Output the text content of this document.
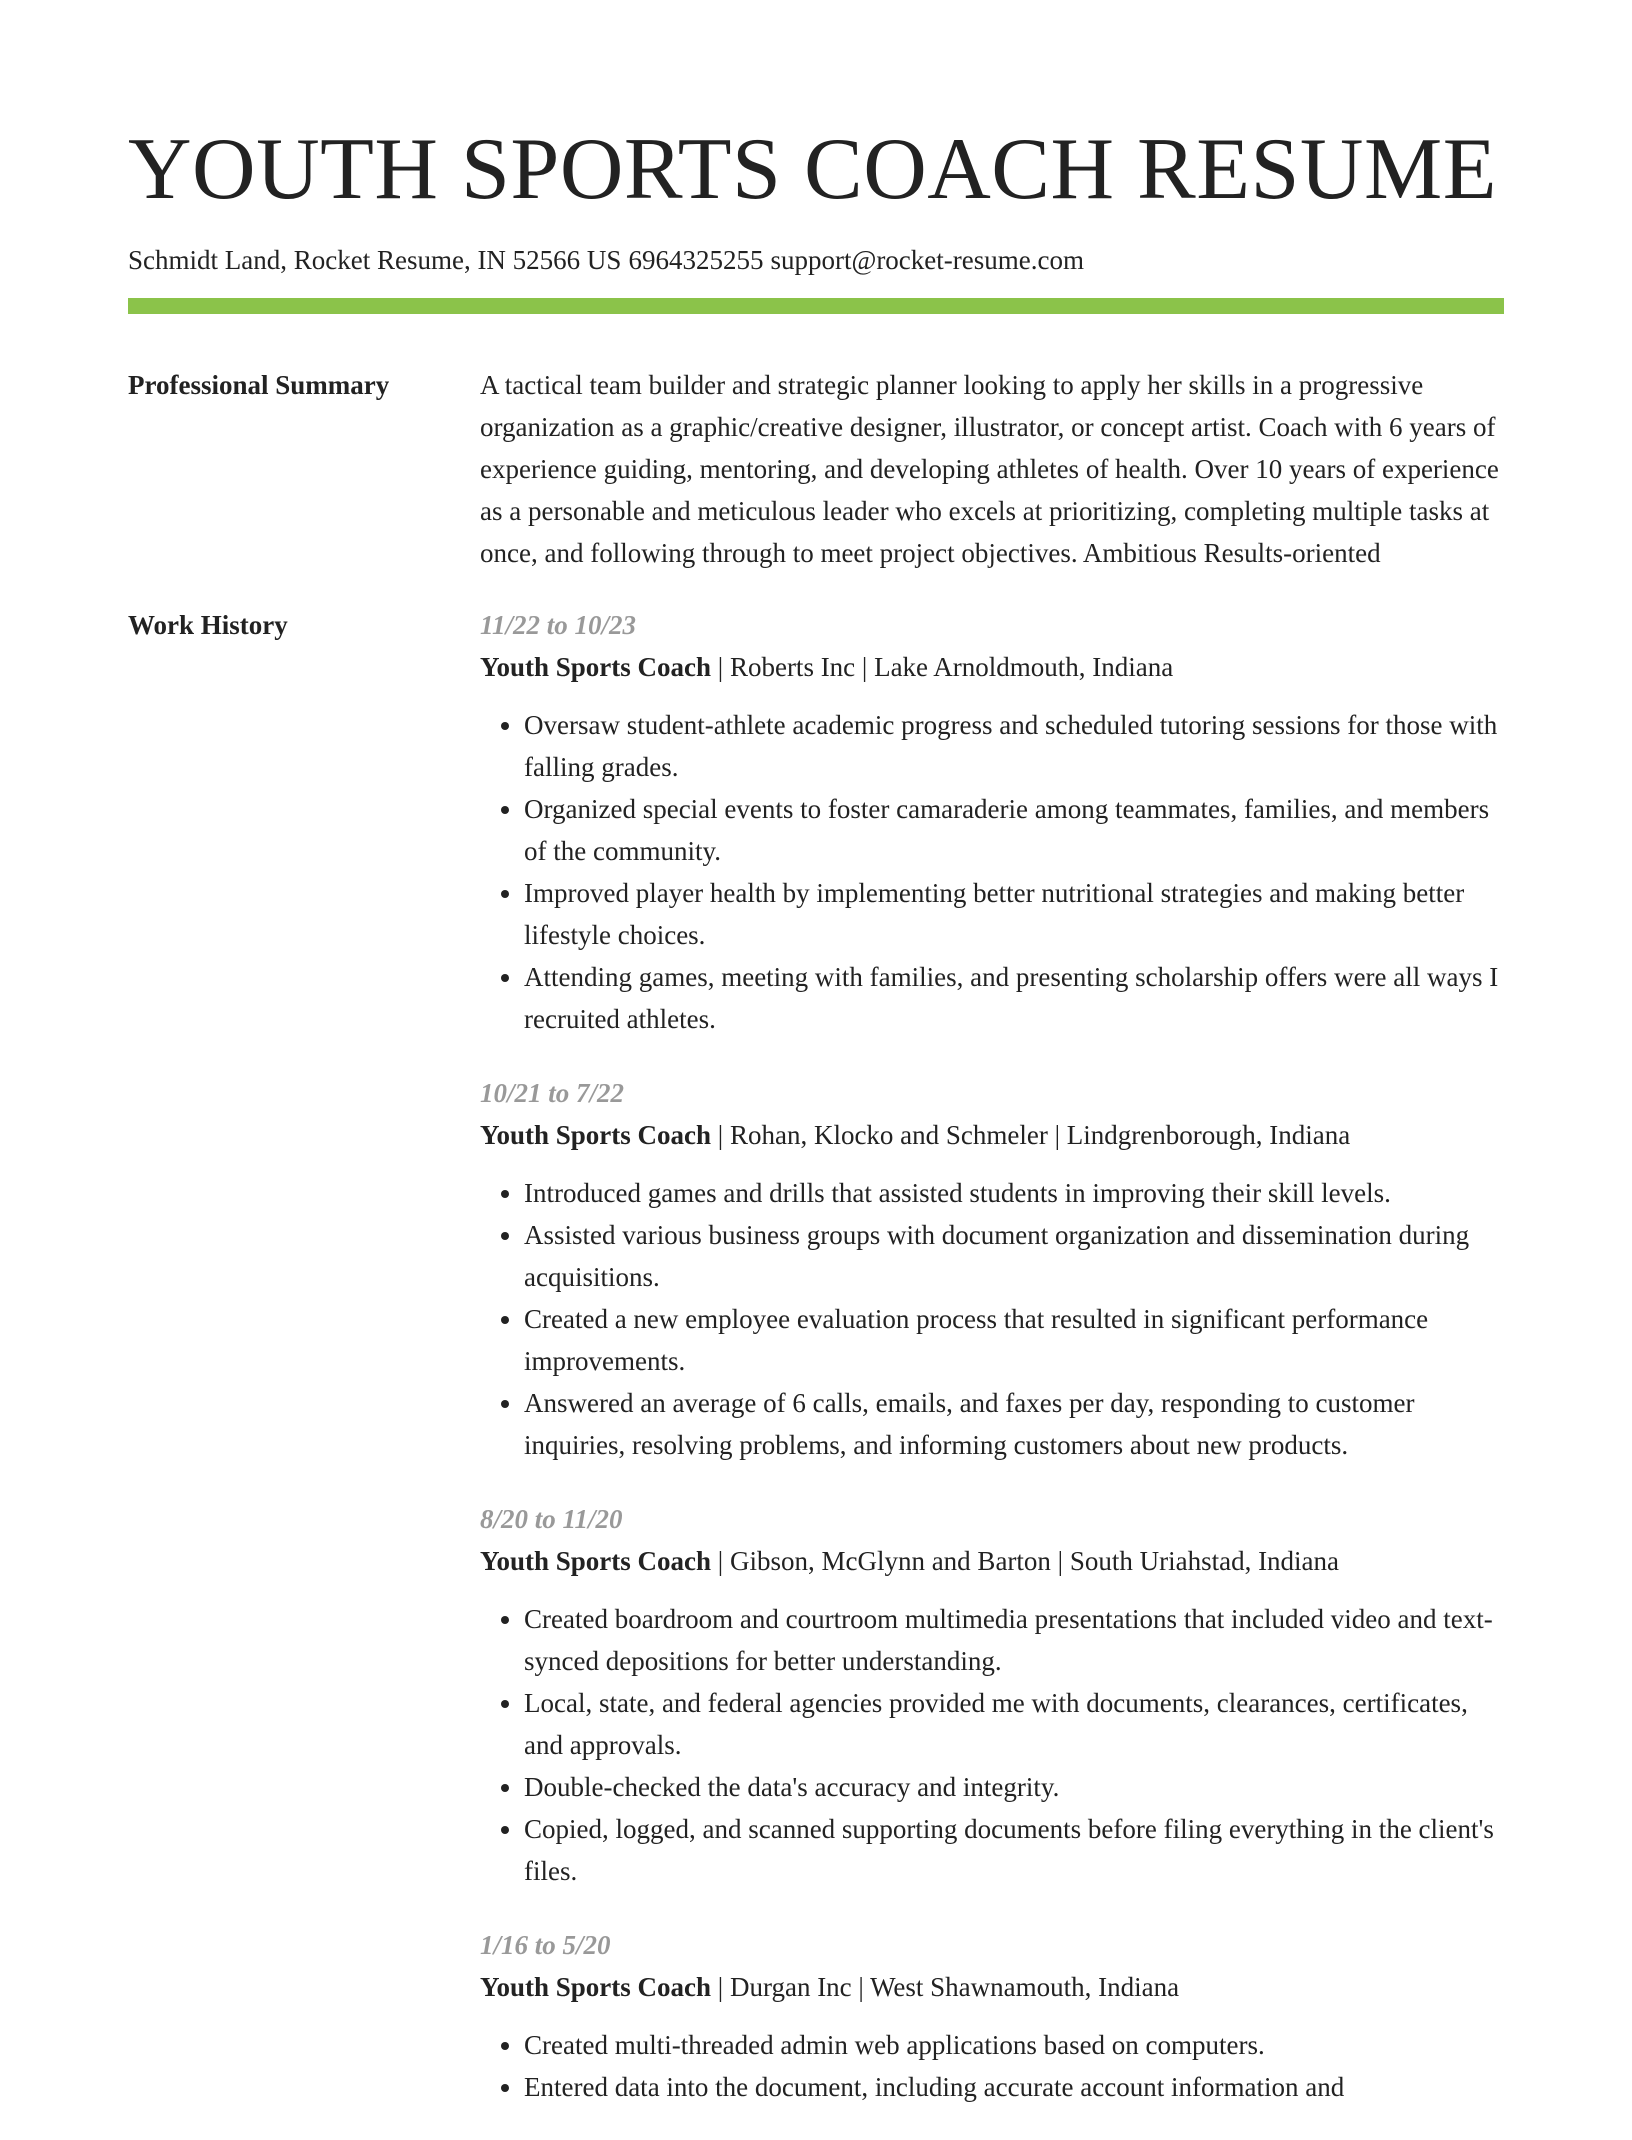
YOUTH SPORTS COACH RESUME
Schmidt Land, Rocket Resume, IN 52566 US 6964325255 support@rocket-resume.com
Professional Summary	A tactical team builder and strategic planner looking to apply her skills in a progressive organization as a graphic/creative designer, illustrator, or concept artist. Coach with 6 years of experience guiding, mentoring, and developing athletes of health. Over 10 years of experience as a personable and meticulous leader who excels at prioritizing, completing multiple tasks at once, and following through to meet project objectives. Ambitious Results-oriented

Work History	11/22 to 10/23
Youth Sports Coach | Roberts Inc | Lake Arnoldmouth, Indiana
• Oversaw student-athlete academic progress and scheduled tutoring sessions for those with falling grades.
• Organized special events to foster camaraderie among teammates, families, and members of the community.
• Improved player health by implementing better nutritional strategies and making better lifestyle choices.
• Attending games, meeting with families, and presenting scholarship offers were all ways I recruited athletes.
10/21 to 7/22
Youth Sports Coach | Rohan, Klocko and Schmeler | Lindgrenborough, Indiana
• Introduced games and drills that assisted students in improving their skill levels.
• Assisted various business groups with document organization and dissemination during acquisitions.
• Created a new employee evaluation process that resulted in significant performance improvements.
• Answered an average of 6 calls, emails, and faxes per day, responding to customer inquiries, resolving problems, and informing customers about new products.
8/20 to 11/20
Youth Sports Coach | Gibson, McGlynn and Barton | South Uriahstad, Indiana
• Created boardroom and courtroom multimedia presentations that included video and text-synced depositions for better understanding.
• Local, state, and federal agencies provided me with documents, clearances, certificates, and approvals.
• Double-checked the data's accuracy and integrity.
• Copied, logged, and scanned supporting documents before filing everything in the client's files.
1/16 to 5/20
Youth Sports Coach | Durgan Inc | West Shawnamouth, Indiana
• Created multi-threaded admin web applications based on computers.
• Entered data into the document, including accurate account information and
